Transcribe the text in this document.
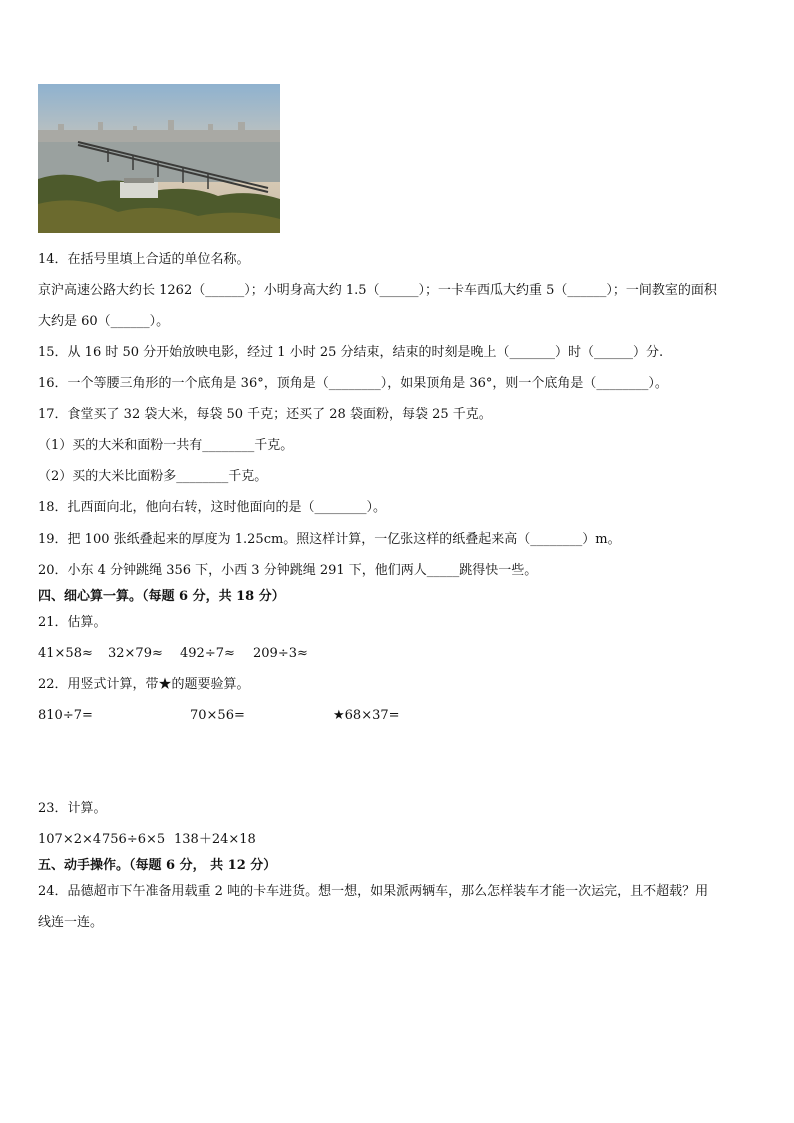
14．在括号里填上合适的单位名称。
京沪高速公路大约长 1262（______）；小明身高大约 1.5（______）；一卡车西瓜大约重 5（______）；一间教室的面积
大约是 60（______）。
15．从 16 时 50 分开始放映电影，经过 1 小时 25 分结束，结束的时刻是晚上（_______）时（______）分.
16．一个等腰三角形的一个底角是 36°，顶角是（________），如果顶角是 36°，则一个底角是（________）。
17．食堂买了 32 袋大米，每袋 50 千克；还买了 28 袋面粉，每袋 25 千克。
（1）买的大米和面粉一共有________千克。
（2）买的大米比面粉多________千克。
18．扎西面向北，他向右转，这时他面向的是（________）。
19．把 100 张纸叠起来的厚度为 1.25cm。照这样计算，一亿张这样的纸叠起来高（________）m。
20．小东 4 分钟跳绳 356 下，小西 3 分钟跳绳 291 下，他们两人_____跳得快一些。
四、细心算一算。（每题 6 分，共 18 分）
21．估算。
41×58≈ 32×79≈ 492÷7≈ 209÷3≈
22．用竖式计算，带★的题要验算。
810÷7=	70×56=	★68×37=
23．计算。
107×2×4 756÷6×5 138＋24×18
五、动手操作。（每题 6 分， 共 12 分）
24．品德超市下午准备用载重 2 吨的卡车进货。想一想，如果派两辆车，那么怎样装车才能一次运完，且不超载？用
线连一连。
